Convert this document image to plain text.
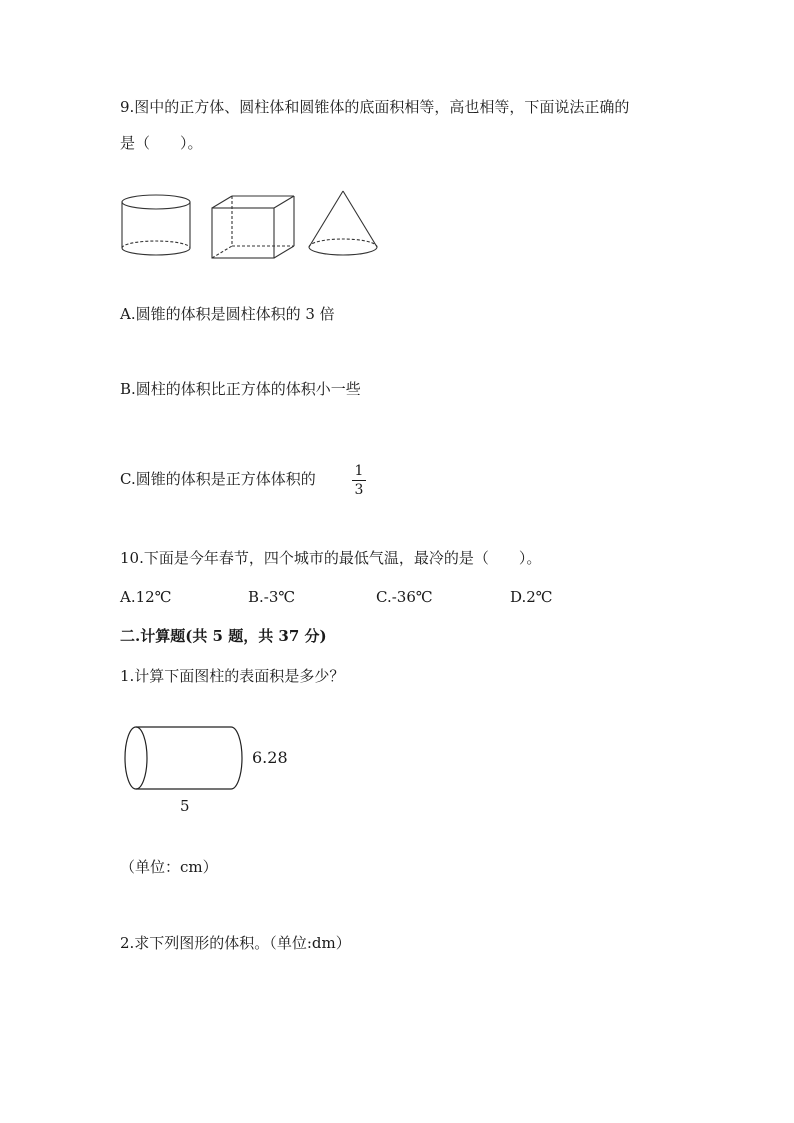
9.图中的正方体、圆柱体和圆锥体的底面积相等，高也相等，下面说法正确的
是（　　）。
A.圆锥的体积是圆柱体积的 3 倍
B.圆柱的体积比正方体的体积小一些
C.圆锥的体积是正方体体积的	1
3
10.下面是今年春节，四个城市的最低气温，最冷的是（　　）。
A.12℃	B.-3℃	C.-36℃	D.2℃
二.计算题(共 5 题，共 37 分)
1.计算下面图柱的表面积是多少？
6.28
5
（单位：cm）
2.求下列图形的体积。（单位:dm）
